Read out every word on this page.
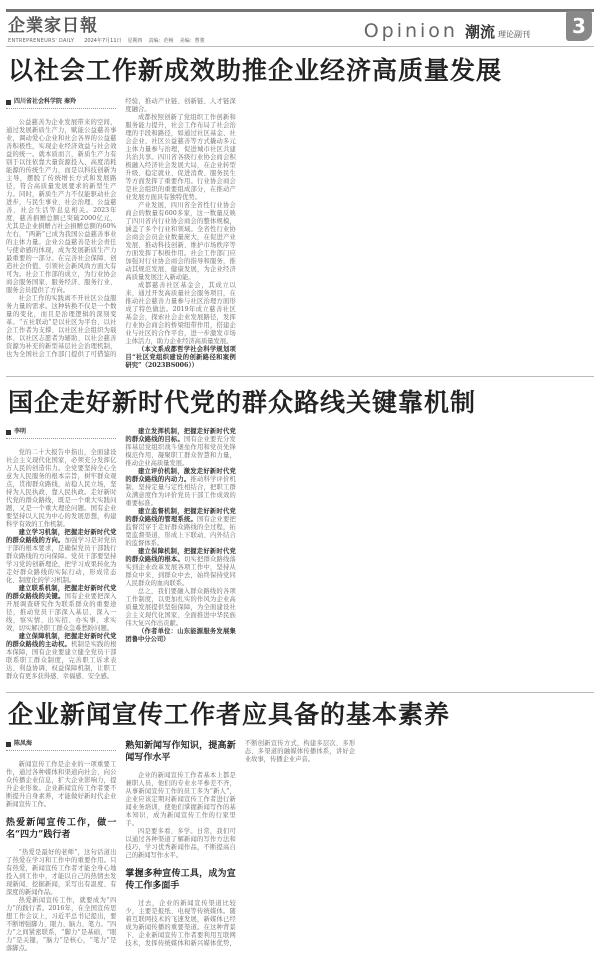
企業家日報
ENTREPRENEURS' DAILY 2024年7月11日 星期四 责编：范畅 美编：曹骏	Opinion 潮流 理论副刊	3
以社会工作新成效助推企业经济高质量发展
四川省社会科学院 秦羚

公益慈善为企业发展带来的空间，通过发展新质生产力，赋能公益慈善事业，调动爱心企业和社会各界的公益慈善积极性，实现企业经济效益与社会效益的统一。就本质而言，新质生产力有别于以往依靠大量资源投入、高度消耗能源的传统生产力，而是以科技创新为主导，摆脱了传统增长方式和发展路径，符合高质量发展要求的新型生产力。同时，新质生产力不仅能驱动社会进步，与民生事业、社会治理、公益慈善、社会生活等息息相关。2023年度，慈善捐赠总额已突破2000亿元，尤其是企业捐赠占社会捐赠总额的60%左右，“两新”已成为我国公益慈善事业的主体力量。企业公益慈善是社会责任与使命感的体现，成为发展新质生产力最重要的一部分。在完善社会保障、创造社会价值、引领社会新风尚方面大有可为。社会工作部的成立，为行业协会商会服务国家、服务经济、服务行业、服务会员提供了方向。

社会工作的实践离不开社区公益服务力量的需求。这种转换不仅是一个数量的变化，而且是治理逻辑的深刻变革。“五社联动”是以社区为平台、以社会工作者为支撑、以社区社会组织为载体、以社区志愿者为辅助、以社会慈善资源为补充的新型基层社会治理机制，也为全国社会工作部门提供了可借鉴的经验，推动产业链、创新链、人才链深度融合。

成都按照创新了党组织工作创新和服务能力提升，社会工作布局了社会治理的手段和路径，如通过社区基金、社会企业、社区公益慈善等方式撬动多元主体力量参与治理，促进城市社区共建共治共享。四川省各级行业协会商会积极融入经济社会发展大局，在企业转型升级、稳定就业、促进消费、服务民生等方面发挥了重要作用。行业协会商会是社会组织的重要组成部分，在推动产业发展方面具有独特优势。

产业发展，四川省全省性行业协会商会的数量有600多家，这一数量反映了四川省内行业协会商会的整体规模，涵盖了多个行业和领域。全省性行业协会商会会员企业数量庞大，在促进产业发展、推动科技创新、维护市场秩序等方面发挥了积极作用。社会工作部门应加强对行业协会商会的指导和服务，推动其规范发展、健康发展，为企业经济高质量发展注入新动能。

成都慈善社区基金会，其成立以来，通过开发高质量社会服务项目，在推动社会慈善力量参与社区治理方面形成了特色做法。2019年成立慈善社区基金会，探索社会企业发展路径，发挥行业协会商会的桥梁纽带作用，搭建企业与社区的合作平台，进一步激发市场主体活力，助力企业经济高质量发展。

（本文系成都哲学社会科学规划项目“社区党组织建设的创新路径和案例研究”（2023BS006））

国企走好新时代党的群众路线关键靠机制
李明

党的二十大报告中指出，全面建设社会主义现代化国家，必须充分发挥亿万人民的创造伟力。全党要坚持全心全意为人民服务的根本宗旨，树牢群众观点，贯彻群众路线，站稳人民立场，坚持为人民执政、靠人民执政。走好新时代党的群众路线，既是一个重大实践问题，又是一个重大理论问题。国有企业要坚持以人民为中心的发展思想，构建科学有效的工作机制。

建立学习机制，把握走好新时代党的群众路线的方向。加强学习是对党员干部的根本要求，是确保党员干部践行群众路线的方向保障。党员干部要坚持学习党的创新理论，把学习成果转化为走好群众路线的实际行动，形成常态化、制度化的学习机制。

建立联系机制，把握走好新时代党的群众路线的关键。国有企业要把深入开展调查研究作为联系群众的重要途径，推动党员干部深入基层、深入一线，察实情、出实招、办实事、求实效，切实解决职工群众急难愁盼问题。

建立保障机制，把握走好新时代党的群众路线的主动权。机制是实践的根本保障，国有企业要建立健全党员干部联系职工群众制度，完善职工诉求表达、利益协调、权益保障机制，让职工群众有更多获得感、幸福感、安全感。

建立发挥机制，把握走好新时代党的群众路线的目标。国有企业要充分发挥基层党组织战斗堡垒作用和党员先锋模范作用，凝聚职工群众智慧和力量，推动企业高质量发展。

建立评价机制，激发走好新时代党的群众路线的内动力。推动科学评价机制，坚持定量与定性相结合，把职工群众满意度作为评价党员干部工作成效的重要标准。

建立监督机制，把握走好新时代党的群众路线的管理系统。国有企业要把监督贯穿于走好群众路线的全过程，拓宽监督渠道，形成上下联动、内外结合的监督体系。

建立保障机制，把握走好新时代党的群众路线的根本。切实把群众路线落实到企业改革发展各项工作中，坚持从群众中来、到群众中去，始终保持党同人民群众的血肉联系。

总之，我们要融入群众路线的各项工作制度，以更加扎实的作风为企业高质量发展提供坚强保障，为全面建设社会主义现代化国家、全面推进中华民族伟大复兴作出贡献。

（作者单位：山东能源服务发展集团鲁中分公司）

企业新闻宣传工作者应具备的基本素养
陈凤海

新闻宣传工作是企业的一项重要工作，通过各种媒体和渠道向社会、向公众传播企业信息，扩大企业影响力，提升企业形象。企业新闻宣传工作者要不断提升自身素养，才能做好新时代企业新闻宣传工作。

热爱新闻宣传工作，做一名“四力”践行者

“热爱是最好的老师”，这句话道出了热爱在学习和工作中的重要作用。只有热爱，新闻宣传工作者才能全身心地投入到工作中，才能以自己的热情去发现新闻、挖掘新闻，采写出有温度、有深度的新闻作品。

热爱新闻宣传工作，就要成为“四力”的践行者。2016年，在全国宣传思想工作会议上，习近平总书记提出，要不断增强脚力、眼力、脑力、笔力。“四力”之间紧密联系，“脚力”是基础，“眼力”是关键，“脑力”是核心，“笔力”是落脚点。

熟知新闻写作知识，提高新闻写作水平

企业的新闻宣传工作者基本上都是兼职人员，他们的专业水平参差不齐，从事新闻宣传工作的员工多为“新人”，企业应该定期对新闻宣传工作者进行新闻业务培训，使他们掌握新闻写作的基本知识，成为新闻宣传工作的行家里手。

四是要多看、多学。日常，我们可以通过各种渠道了解新闻的写作方法和技巧，学习优秀新闻作品，不断提高自己的新闻写作水平。

掌握多种宣传工具，成为宣传工作多面手

过去，企业的新闻宣传渠道比较少，主要是报纸、电视等传统媒体。随着互联网技术的飞速发展，新媒体已经成为新闻传播的重要渠道。在这种背景下，企业新闻宣传工作者要利用互联网技术，发挥传统媒体和新兴媒体优势，不断创新宣传方式，构建多层次、多形态、多渠道的融媒体传播体系，讲好企业故事，传播企业声音。
